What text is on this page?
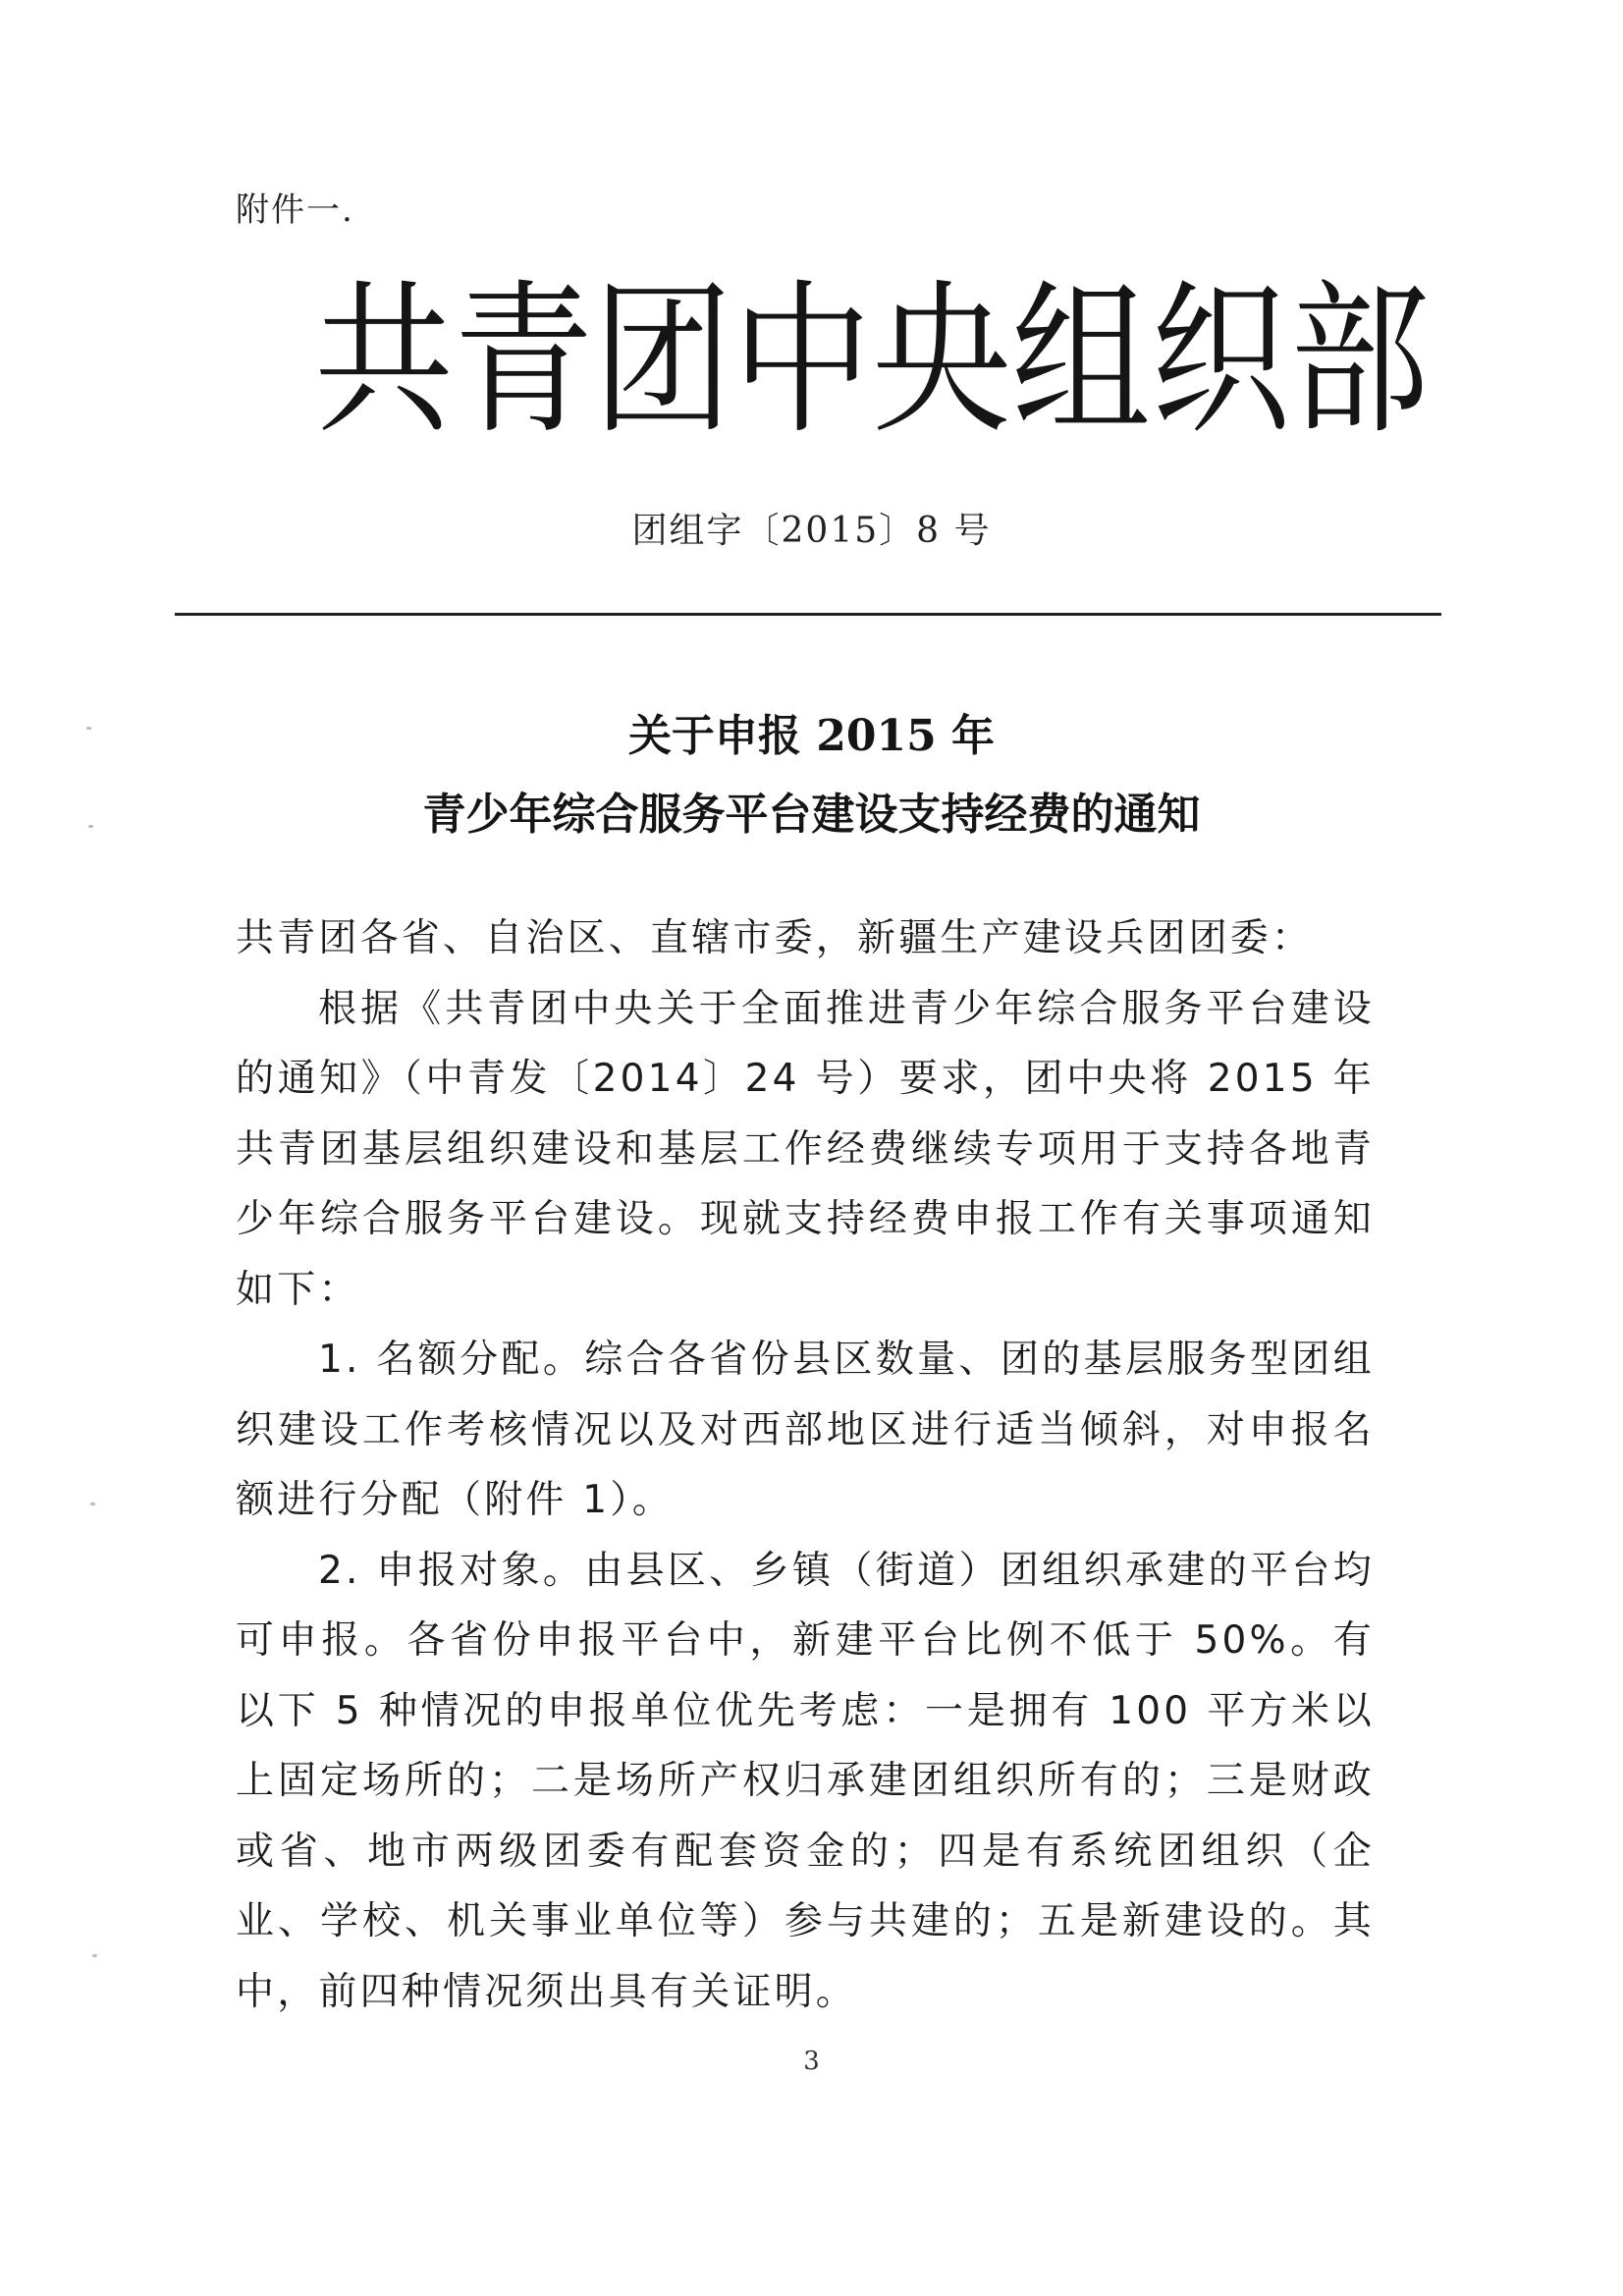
附件一.
共 青 团 中 央 组 织 部
团组字〔2015〕8 号
关于申报 2015 年
青少年综合服务平台建设支持经费的通知

共青团各省、自治区、直辖市委，新疆生产建设兵团团委：

根据《共青团中央关于全面推进青少年综合服务平台建设的通知》（中青发〔2014〕24 号）要求，团中央将 2015 年共青团基层组织建设和基层工作经费继续专项用于支持各地青少年综合服务平台建设。现就支持经费申报工作有关事项通知如下：

1. 名额分配。综合各省份县区数量、团的基层服务型团组织建设工作考核情况以及对西部地区进行适当倾斜，对申报名额进行分配（附件 1）。

2. 申报对象。由县区、乡镇（街道）团组织承建的平台均可申报。各省份申报平台中，新建平台比例不低于 50%。有以下 5 种情况的申报单位优先考虑：一是拥有 100 平方米以上固定场所的；二是场所产权归承建团组织所有的；三是财政或省、地市两级团委有配套资金的；四是有系统团组织（企业、学校、机关事业单位等）参与共建的；五是新建设的。其中，前四种情况须出具有关证明。

3
